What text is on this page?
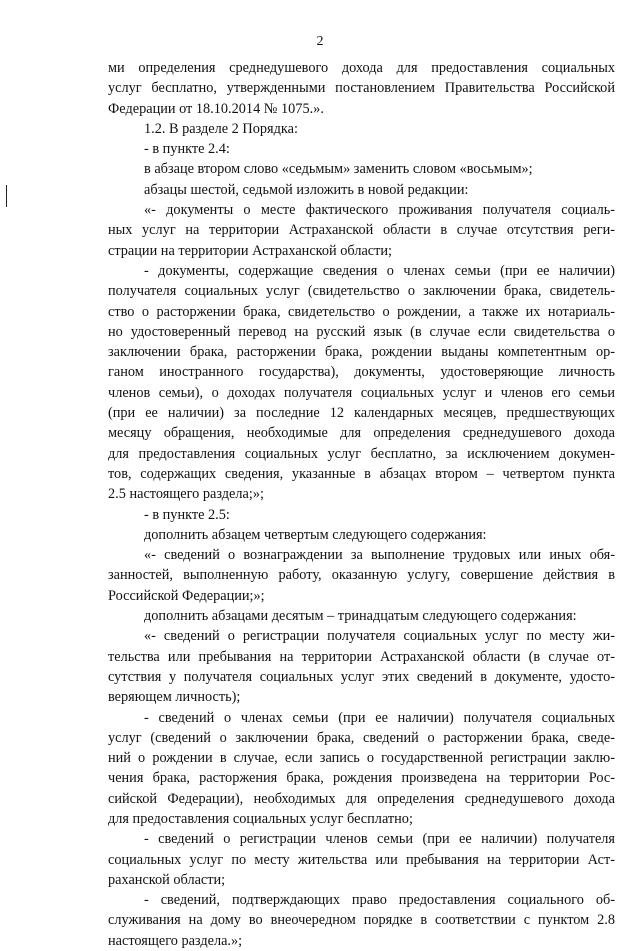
2
ми определения среднедушевого дохода для предоставления социальных
услуг бесплатно, утвержденными постановлением Правительства Российской
Федерации от 18.10.2014 № 1075.».
1.2. В разделе 2 Порядка:
- в пункте 2.4:
в абзаце втором слово «седьмым» заменить словом «восьмым»;
абзацы шестой, седьмой изложить в новой редакции:
«- документы о месте фактического проживания получателя социаль-
ных услуг на территории Астраханской области в случае отсутствия реги-
страции на территории Астраханской области;
- документы, содержащие сведения о членах семьи (при ее наличии)
получателя социальных услуг (свидетельство о заключении брака, свидетель-
ство о расторжении брака, свидетельство о рождении, а также их нотариаль-
но удостоверенный перевод на русский язык (в случае если свидетельства о
заключении брака, расторжении брака, рождении выданы компетентным ор-
ганом иностранного государства), документы, удостоверяющие личность
членов семьи), о доходах получателя социальных услуг и членов его семьи
(при ее наличии) за последние 12 календарных месяцев, предшествующих
месяцу обращения, необходимые для определения среднедушевого дохода
для предоставления социальных услуг бесплатно, за исключением докумен-
тов, содержащих сведения, указанные в абзацах втором – четвертом пункта
2.5 настоящего раздела;»;
- в пункте 2.5:
дополнить абзацем четвертым следующего содержания:
«- сведений о вознаграждении за выполнение трудовых или иных обя-
занностей, выполненную работу, оказанную услугу, совершение действия в
Российской Федерации;»;
дополнить абзацами десятым – тринадцатым следующего содержания:
«- сведений о регистрации получателя социальных услуг по месту жи-
тельства или пребывания на территории Астраханской области (в случае от-
сутствия у получателя социальных услуг этих сведений в документе, удосто-
веряющем личность);
- сведений о членах семьи (при ее наличии) получателя социальных
услуг (сведений о заключении брака, сведений о расторжении брака, сведе-
ний о рождении в случае, если запись о государственной регистрации заклю-
чения брака, расторжения брака, рождения произведена на территории Рос-
сийской Федерации), необходимых для определения среднедушевого дохода
для предоставления социальных услуг бесплатно;
- сведений о регистрации членов семьи (при ее наличии) получателя
социальных услуг по месту жительства или пребывания на территории Аст-
раханской области;
- сведений, подтверждающих право предоставления социального об-
служивания на дому во внеочередном порядке в соответствии с пунктом 2.8
настоящего раздела.»;
